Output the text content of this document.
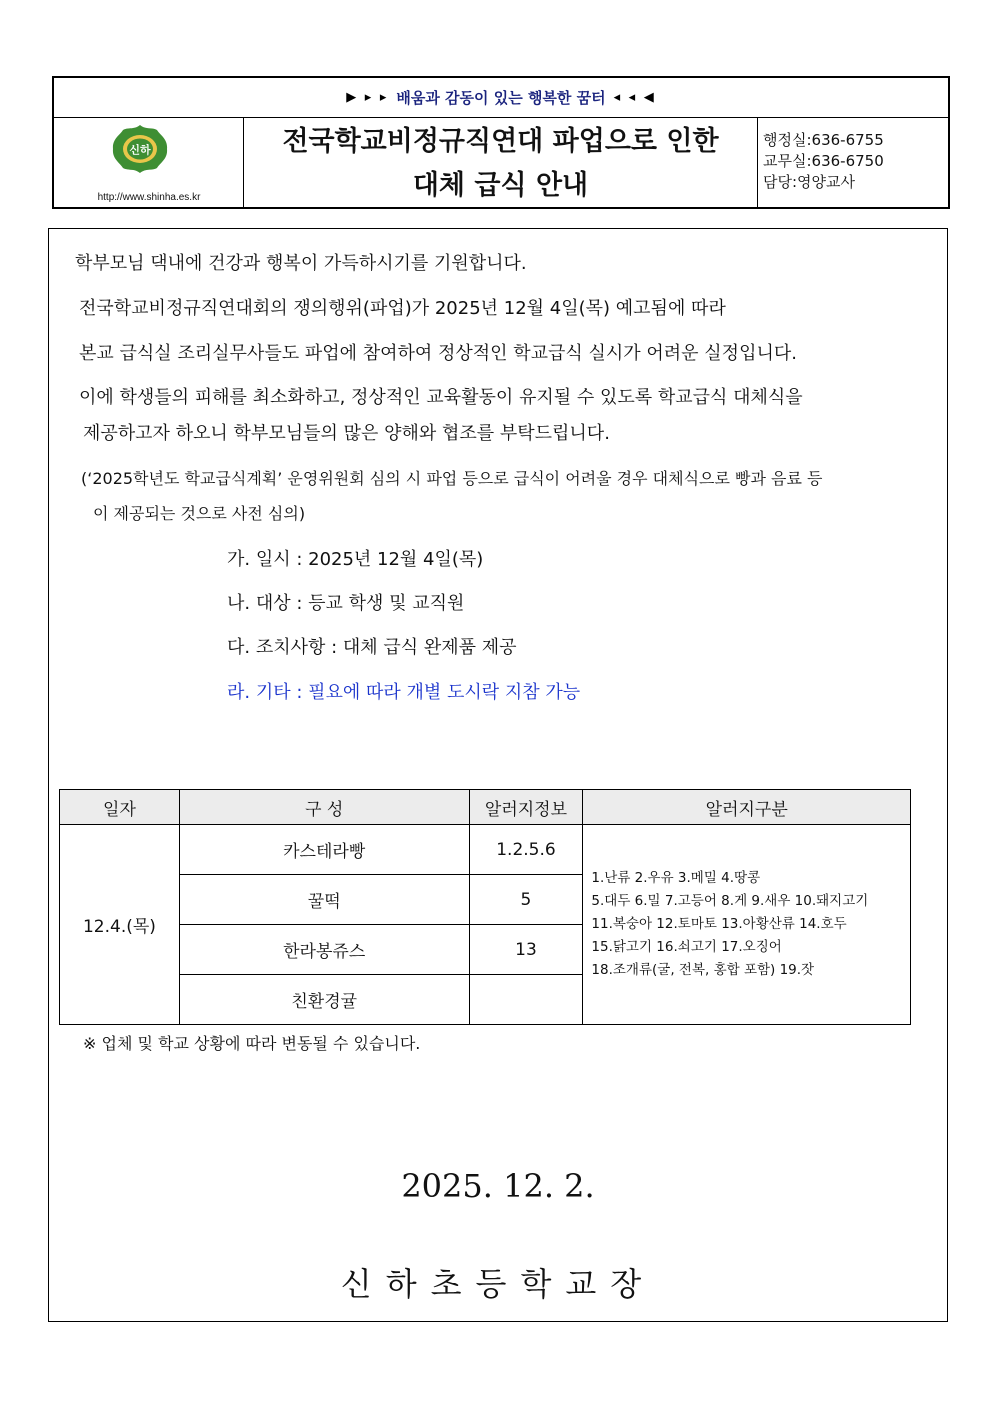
▶ ▸ ▸ 배움과 감동이 있는 행복한 꿈터 ◂ ◂ ◀
신하
http://www.shinha.es.kr
전국학교비정규직연대 파업으로 인한
대체 급식 안내
행정실:636-6755
교무실:636-6750
담당:영양교사
학부모님 댁내에 건강과 행복이 가득하시기를 기원합니다.
전국학교비정규직연대회의 쟁의행위(파업)가 2025년 12월 4일(목) 예고됨에 따라
본교 급식실 조리실무사들도 파업에 참여하여 정상적인 학교급식 실시가 어려운 실정입니다.
이에 학생들의 피해를 최소화하고, 정상적인 교육활동이 유지될 수 있도록 학교급식 대체식을
제공하고자 하오니 학부모님들의 많은 양해와 협조를 부탁드립니다.
(‘2025학년도 학교급식계획’ 운영위원회 심의 시 파업 등으로 급식이 어려울 경우 대체식으로 빵과 음료 등
이 제공되는 것으로 사전 심의)
가. 일시 : 2025년 12월 4일(목)
나. 대상 : 등교 학생 및 교직원
다. 조치사항 : 대체 급식 완제품 제공
라. 기타 : 필요에 따라 개별 도시락 지참 가능
일자	구 성	알러지정보	알러지구분
12.4.(목)	카스테라빵	1.2.5.6	1.난류 2.우유 3.메밀 4.땅콩
5.대두 6.밀 7.고등어 8.게 9.새우 10.돼지고기
11.복숭아 12.토마토 13.아황산류 14.호두
15.닭고기 16.쇠고기 17.오징어
18.조개류(굴, 전복, 홍합 포함) 19.잣

	꿀떡	5	
	한라봉쥬스	13	
	친환경귤		
※ 업체 및 학교 상황에 따라 변동될 수 있습니다.
2025. 12. 2.
신하초등학교장
